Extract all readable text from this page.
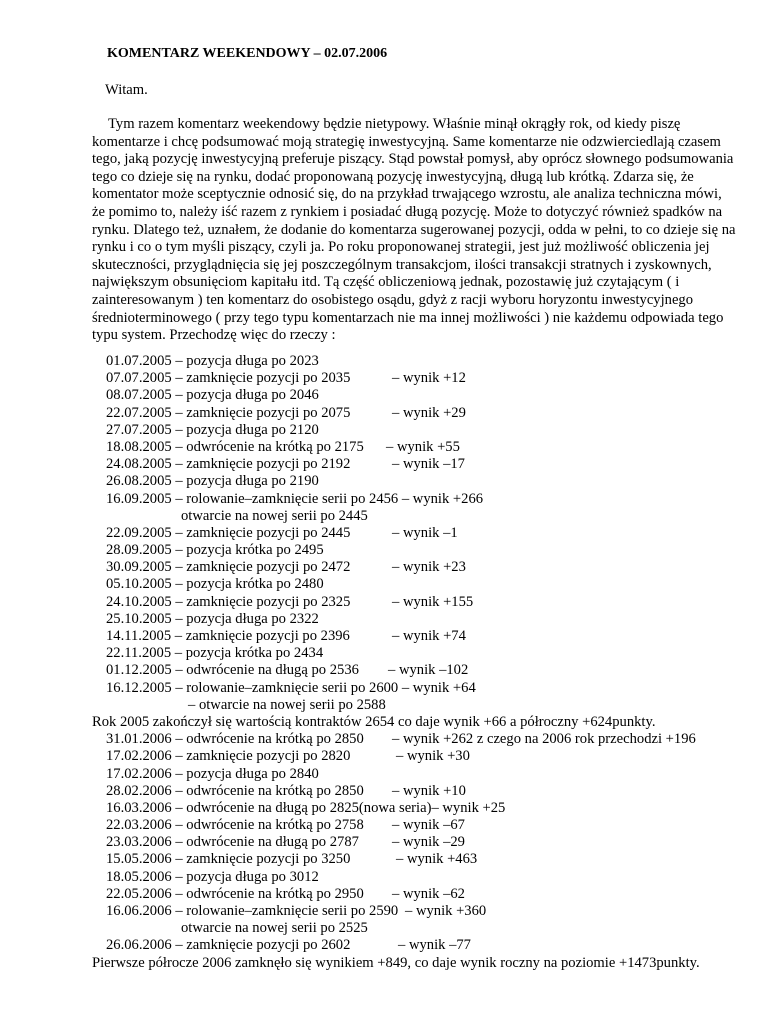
KOMENTARZ WEEKENDOWY – 02.07.2006
Witam.
Tym razem komentarz weekendowy będzie nietypowy. Właśnie minął okrągły rok, od kiedy piszę
komentarze i chcę podsumować moją strategię inwestycyjną. Same komentarze nie odzwierciedlają czasem
tego, jaką pozycję inwestycyjną preferuje piszący. Stąd powstał pomysł, aby oprócz słownego podsumowania
tego co dzieje się na rynku, dodać proponowaną pozycję inwestycyjną, długą lub krótką. Zdarza się, że
komentator może sceptycznie odnosić się, do na przykład trwającego wzrostu, ale analiza techniczna mówi,
że pomimo to, należy iść razem z rynkiem i posiadać długą pozycję. Może to dotyczyć również spadków na
rynku. Dlatego też, uznałem, że dodanie do komentarza sugerowanej pozycji, odda w pełni, to co dzieje się na
rynku i co o tym myśli piszący, czyli ja. Po roku proponowanej strategii, jest już możliwość obliczenia jej
skuteczności, przyglądnięcia się jej poszczególnym transakcjom, ilości transakcji stratnych i zyskownych,
największym obsunięciom kapitału itd. Tą część obliczeniową jednak, pozostawię już czytającym ( i
zainteresowanym ) ten komentarz do osobistego osądu, gdyż z racji wyboru horyzontu inwestycyjnego
średnioterminowego ( przy tego typu komentarzach nie ma innej możliwości ) nie każdemu odpowiada tego
typu system. Przechodzę więc do rzeczy :
01.07.2005 – pozycja długa po 2023
07.07.2005 – zamknięcie pozycji po 2035	– wynik +12
08.07.2005 – pozycja długa po 2046
22.07.2005 – zamknięcie pozycji po 2075	– wynik +29
27.07.2005 – pozycja długa po 2120
18.08.2005 – odwrócenie na krótką po 2175 – wynik +55
24.08.2005 – zamknięcie pozycji po 2192	– wynik –17
26.08.2005 – pozycja długa po 2190
16.09.2005 – rolowanie–zamknięcie serii po 2456 – wynik +266
otwarcie na nowej serii po 2445
22.09.2005 – zamknięcie pozycji po 2445	– wynik –1
28.09.2005 – pozycja krótka po 2495
30.09.2005 – zamknięcie pozycji po 2472	– wynik +23
05.10.2005 – pozycja krótka po 2480
24.10.2005 – zamknięcie pozycji po 2325	– wynik +155
25.10.2005 – pozycja długa po 2322
14.11.2005 – zamknięcie pozycji po 2396	– wynik +74
22.11.2005 – pozycja krótka po 2434
01.12.2005 – odwrócenie na długą po 2536 – wynik –102
16.12.2005 – rolowanie–zamknięcie serii po 2600 – wynik +64
– otwarcie na nowej serii po 2588
Rok 2005 zakończył się wartością kontraktów 2654 co daje wynik +66 a półroczny +624punkty.
31.01.2006 – odwrócenie na krótką po 2850 – wynik +262 z czego na 2006 rok przechodzi +196
17.02.2006 – zamknięcie pozycji po 2820	– wynik +30
17.02.2006 – pozycja długa po 2840
28.02.2006 – odwrócenie na krótką po 2850 – wynik +10
16.03.2006 – odwrócenie na długą po 2825(nowa seria)– wynik +25
22.03.2006 – odwrócenie na krótką po 2758 – wynik –67
23.03.2006 – odwrócenie na długą po 2787 – wynik –29
15.05.2006 – zamknięcie pozycji po 3250	– wynik +463
18.05.2006 – pozycja długa po 3012
22.05.2006 – odwrócenie na krótką po 2950 – wynik –62
16.06.2006 – rolowanie–zamknięcie serii po 2590 – wynik +360
otwarcie na nowej serii po 2525
26.06.2006 – zamknięcie pozycji po 2602	– wynik –77
Pierwsze półrocze 2006 zamknęło się wynikiem +849, co daje wynik roczny na poziomie +1473punkty.
